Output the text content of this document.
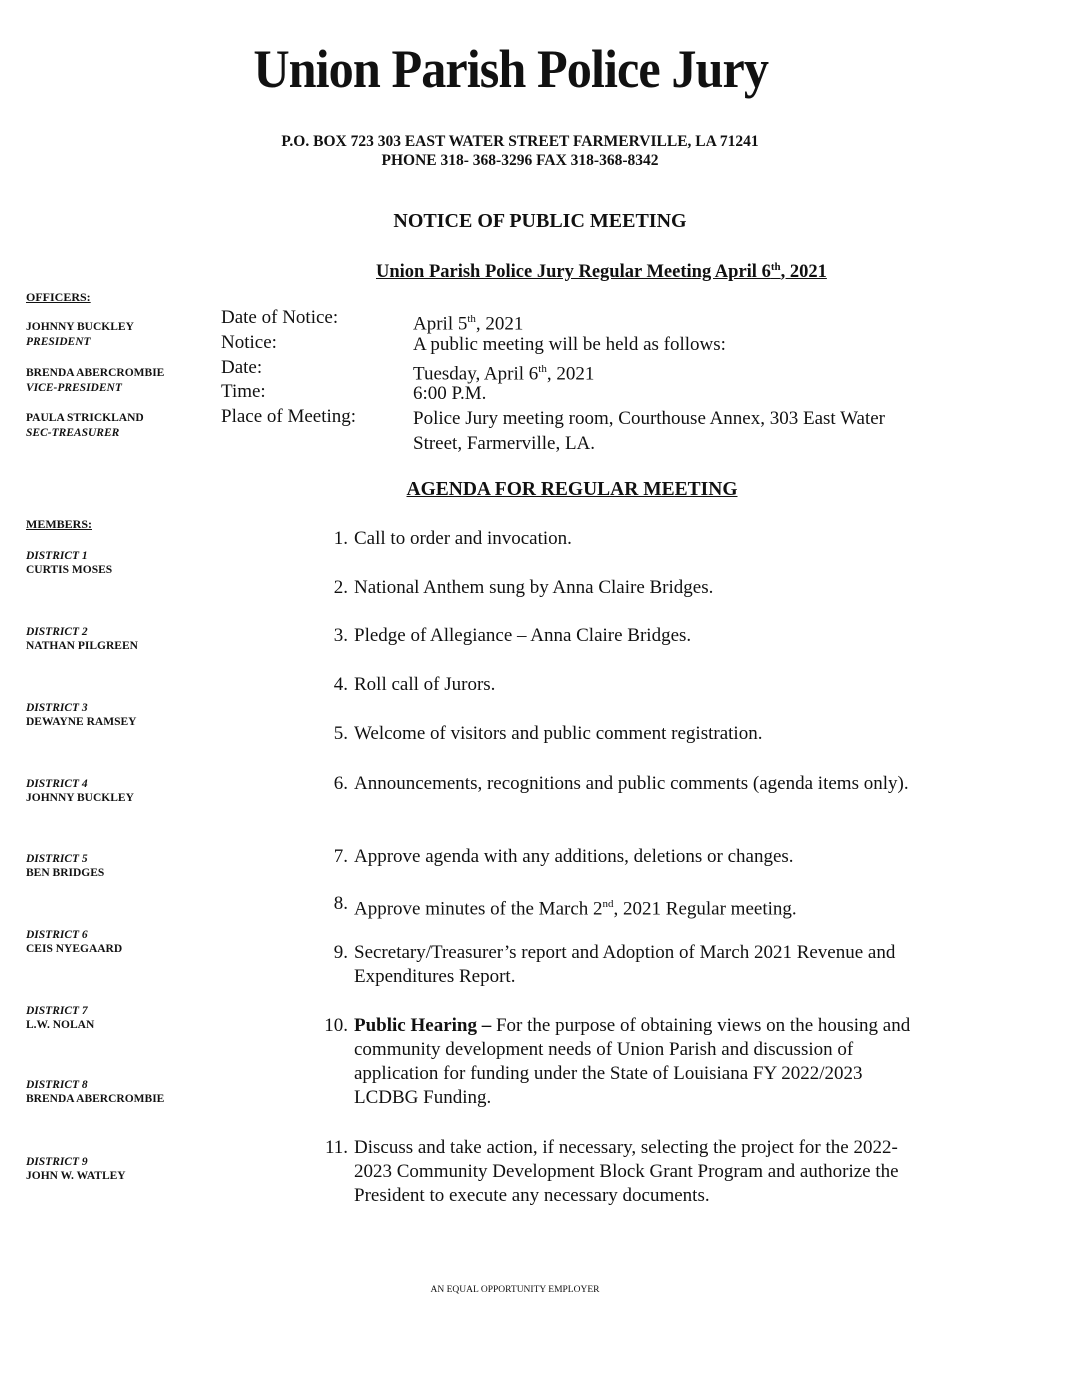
Union Parish Police Jury
P.O. BOX 723 303 EAST WATER STREET FARMERVILLE, LA 71241
PHONE 318- 368-3296 FAX 318-368-8342
NOTICE OF PUBLIC MEETING
Union Parish Police Jury Regular Meeting April 6th, 2021
OFFICERS:
JOHNNY BUCKLEY
PRESIDENT
BRENDA ABERCROMBIE
VICE-PRESIDENT
PAULA STRICKLAND
SEC-TREASURER
Date of Notice:	April 5th, 2021
Notice:	A public meeting will be held as follows:
Date:	Tuesday, April 6th, 2021
Time:	6:00 P.M.
Place of Meeting:	Police Jury meeting room, Courthouse Annex, 303 East Water Street, Farmerville, LA.
AGENDA FOR REGULAR MEETING
MEMBERS:
DISTRICT 1
CURTIS MOSES
DISTRICT 2
NATHAN PILGREEN
DISTRICT 3
DEWAYNE RAMSEY
DISTRICT 4
JOHNNY BUCKLEY
DISTRICT 5
BEN BRIDGES
DISTRICT 6
CEIS NYEGAARD
DISTRICT 7
L.W. NOLAN
DISTRICT 8
BRENDA ABERCROMBIE
DISTRICT 9
JOHN W. WATLEY
1. Call to order and invocation.
2. National Anthem sung by Anna Claire Bridges.
3. Pledge of Allegiance – Anna Claire Bridges.
4. Roll call of Jurors.
5. Welcome of visitors and public comment registration.
6. Announcements, recognitions and public comments (agenda items only).
7. Approve agenda with any additions, deletions or changes.
8. Approve minutes of the March 2nd, 2021 Regular meeting.
9. Secretary/Treasurer’s report and Adoption of March 2021 Revenue and Expenditures Report.
10. Public Hearing – For the purpose of obtaining views on the housing and community development needs of Union Parish and discussion of application for funding under the State of Louisiana FY 2022/2023 LCDBG Funding.
11. Discuss and take action, if necessary, selecting the project for the 2022-2023 Community Development Block Grant Program and authorize the President to execute any necessary documents.
AN EQUAL OPPORTUNITY EMPLOYER
